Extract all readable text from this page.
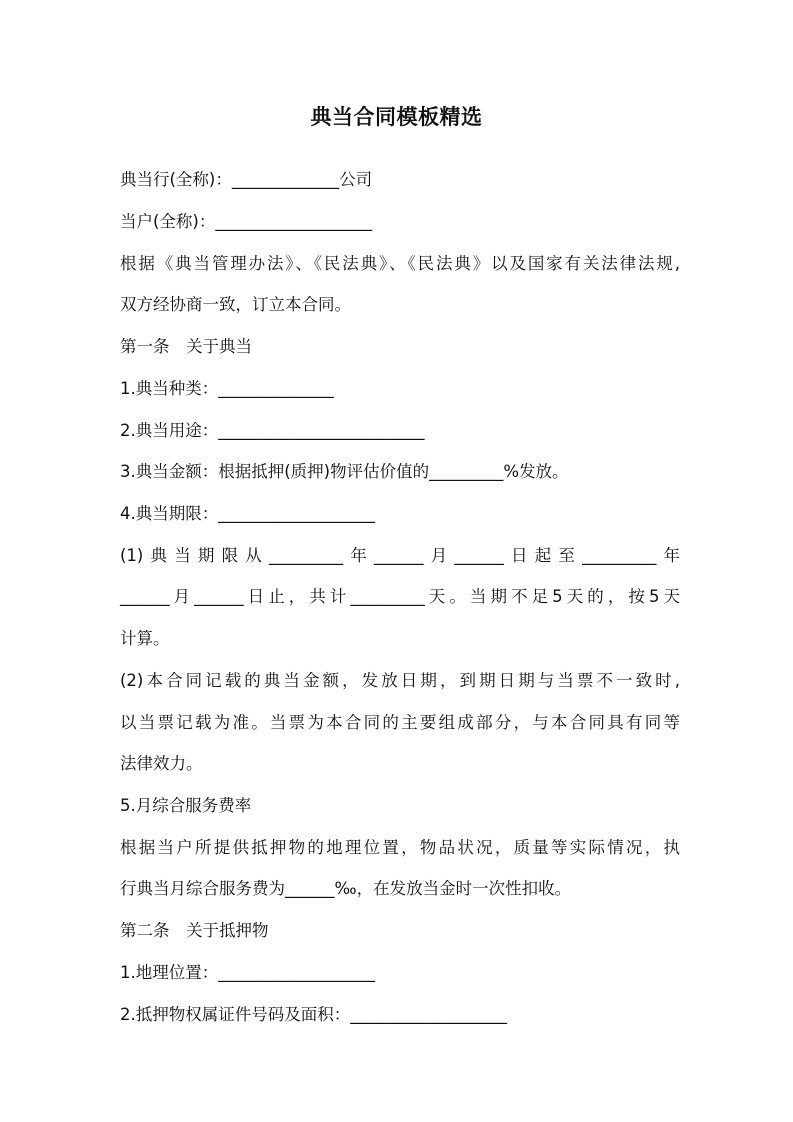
典当合同模板精选
典当行(全称)：_____________公司
当户(全称)：___________________
根据《典当管理办法》、《民法典》、《民法典》以及国家有关法律法规,
双方经协商一致，订立本合同。
第一条　关于典当
1.典当种类：______________
2.典当用途：_________________________
3.典当金额：根据抵押(质押)物评估价值的_________%发放。
4.典当期限：___________________
(1)典当期限从_________年______月______日起至_________年
______月______日止，共计_________天。当期不足5天的，按5天
计算。
(2)本合同记载的典当金额，发放日期，到期日期与当票不一致时,
以当票记载为准。当票为本合同的主要组成部分，与本合同具有同等
法律效力。
5.月综合服务费率
根据当户所提供抵押物的地理位置，物品状况，质量等实际情况，执
行典当月综合服务费为______‰，在发放当金时一次性扣收。
第二条　关于抵押物
1.地理位置：___________________
2.抵押物权属证件号码及面积：___________________
